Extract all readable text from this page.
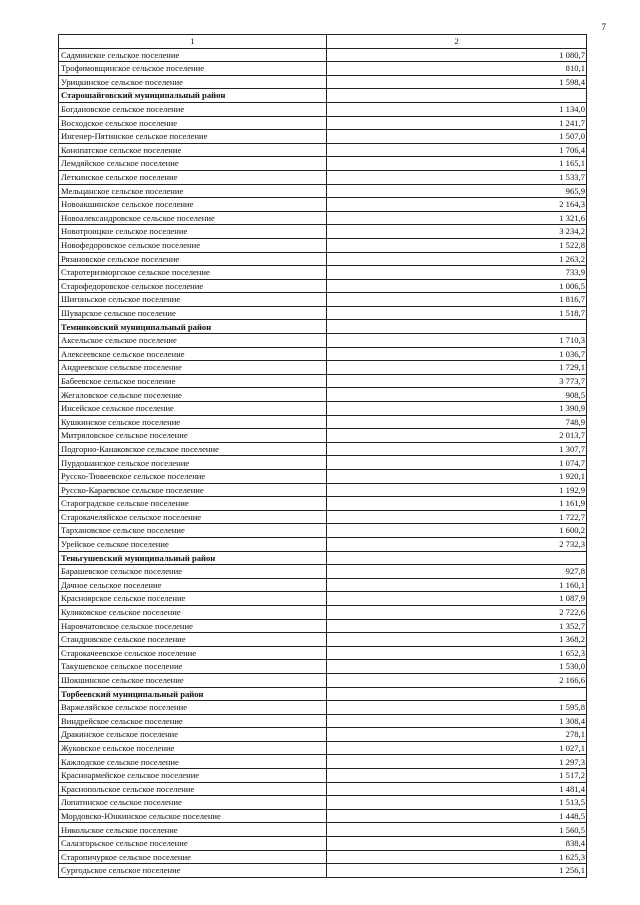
7
1	2
Садминское сельское поселение	1 080,7
Трофимовщинское сельское поселение	810,1
Урицкинское сельское поселение	1 598,4
Старошайговский муниципальный район	
Богдановское сельское поселение	1 134,0
Восходское сельское поселение	1 241,7
Ингенер-Пятинское сельское поселение	1 507,0
Конопатское сельское поселение	1 706,4
Лемдяйское сельское поселение	1 165,1
Леткинское сельское поселение	1 533,7
Мельцанское сельское поселение	965,9
Новоакшинское сельское поселение	2 164,3
Новоалександровское сельское поселение	1 321,6
Новотроицкое сельское поселение	3 234,2
Новофедоровское сельское поселение	1 522,8
Рязановское сельское поселение	1 263,2
Старотеризморгское сельское поселение	733,9
Старофедоровское сельское поселение	1 006,5
Шигоньское сельское поселение	1 816,7
Шуварское сельское поселение	1 518,7
Темниковский муниципальный район	
Аксельское сельское поселение	1 710,3
Алексеевское сельское поселение	1 036,7
Андреевское сельское поселение	1 729,1
Бабеевское сельское поселение	3 773,7
Жегаловское сельское поселение	908,5
Инсейское сельское поселение	1 390,9
Кушкинское сельское поселение	748,9
Митряловское сельское поселение	2 013,7
Подгорно-Канаковское сельское поселение	1 307,7
Пурдошанское сельское поселение	1 074,7
Русско-Тювеевское сельское поселение	1 920,1
Русско-Караевское сельское поселение	1 192,9
Староградское сельское поселение	1 161,9
Старокачеляйское сельское поселение	1 722,7
Тархановское сельское поселение	1 600,2
Урейское сельское поселение	2 732,3
Теньгушевский муниципальный район	
Барашевское сельское поселение	927,8
Дачное сельское поселение	1 160,1
Красноярское сельское поселение	1 087,9
Куликовское сельское поселение	2 722,6
Наровчатовское сельское поселение	1 352,7
Стандровское сельское поселение	1 368,2
Старокачеевское сельское поселение	1 652,3
Такушевское сельское поселение	1 530,0
Шокшинское сельское поселение	2 166,6
Торбеевский муниципальный район	
Варжеляйское сельское поселение	1 595,8
Виндрейское сельское поселение	1 308,4
Дракинское сельское поселение	278,1
Жуковское сельское поселение	1 027,1
Кажлодское сельское поселение	1 297,3
Красноармейское сельское поселение	1 517,2
Краснопольское сельское поселение	1 481,4
Лопатинское сельское поселение	1 513,5
Мордовско-Юнкинское сельское поселение	1 448,5
Никольское сельское поселение	1 560,5
Салазгорьское сельское поселение	838,4
Старопичуркое сельское поселение	1 625,3
Сургодьское сельское поселение	1 256,1
